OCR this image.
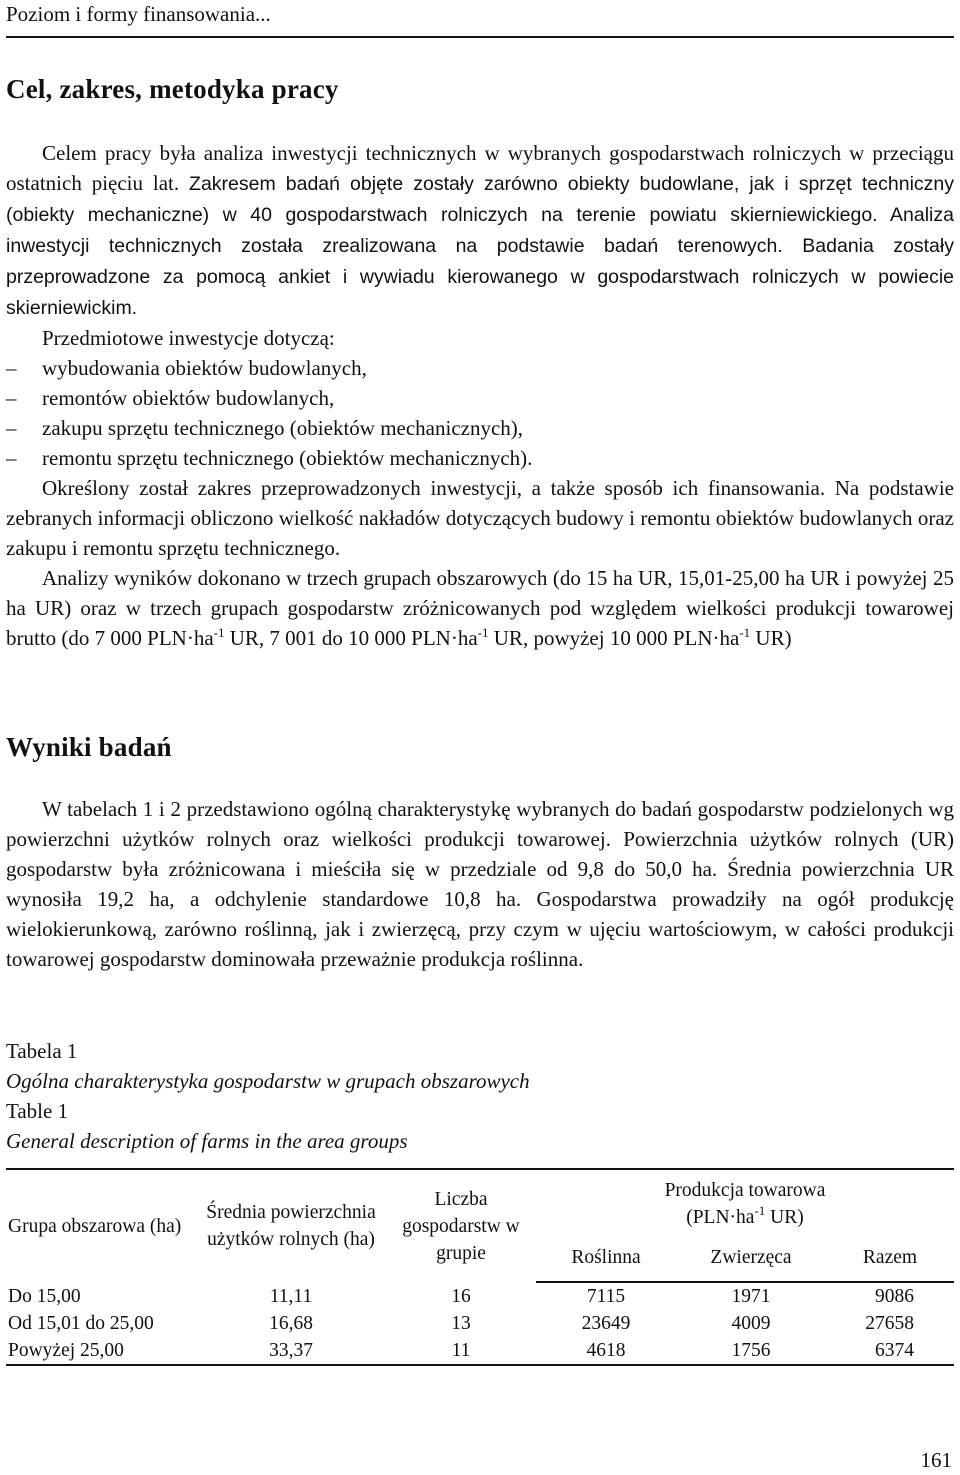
Poziom i formy finansowania...
Cel, zakres, metodyka pracy

Celem pracy była analiza inwestycji technicznych w wybranych gospodarstwach rolniczych w przeciągu ostatnich pięciu lat. Zakresem badań objęte zostały zarówno obiekty budowlane, jak i sprzęt techniczny (obiekty mechaniczne) w 40 gospodarstwach rolniczych na terenie powiatu skierniewickiego. Analiza inwestycji technicznych została zrealizowana na podstawie badań terenowych. Badania zostały przeprowadzone za pomocą ankiet i wywiadu kierowanego w gospodarstwach rolniczych w powiecie skierniewickim.

Przedmiotowe inwestycje dotyczą:

–	wybudowania obiektów budowlanych,
–	remontów obiektów budowlanych,
–	zakupu sprzętu technicznego (obiektów mechanicznych),
–	remontu sprzętu technicznego (obiektów mechanicznych).

Określony został zakres przeprowadzonych inwestycji, a także sposób ich finansowania. Na podstawie zebranych informacji obliczono wielkość nakładów dotyczących budowy i remontu obiektów budowlanych oraz zakupu i remontu sprzętu technicznego.

Analizy wyników dokonano w trzech grupach obszarowych (do 15 ha UR, 15,01-25,00 ha UR i powyżej 25 ha UR) oraz w trzech grupach gospodarstw zróżnicowanych pod względem wielkości produkcji towarowej brutto (do 7 000 $PLN\cdot ha^{-1}$ UR, 7 001 do 10 000 $PLN\cdot ha^{-1}$ UR, powyżej 10 000 $PLN\cdot ha^{-1}$ UR)

Wyniki badań

W tabelach 1 i 2 przedstawiono ogólną charakterystykę wybranych do badań gospodarstw podzielonych wg powierzchni użytków rolnych oraz wielkości produkcji towarowej. Powierzchnia użytków rolnych (UR) gospodarstw była zróżnicowana i mieściła się w przedziale od 9,8 do 50,0 ha. Średnia powierzchnia UR wynosiła 19,2 ha, a odchylenie standardowe 10,8 ha. Gospodarstwa prowadziły na ogół produkcję wielokierunkową, zarówno roślinną, jak i zwierzęcą, przy czym w ujęciu wartościowym, w całości produkcji towarowej gospodarstw dominowała przeważnie produkcja roślinna.

Tabela 1

Ogólna charakterystyka gospodarstw w grupach obszarowych

Table 1

General description of farms in the area groups

Grupa obszarowa (ha)	Średnia powierzchnia użytków rolnych (ha)	Liczba gospodarstw w grupie	Produkcja towarowa
($PLN\cdot ha^{-1}$ UR)		

			Roślinna	Zwierzęca	Razem
Do 15,00	11,11	16	7115	1971	9086
Od 15,01 do 25,00	16,68	13	23649	4009	27658
Powyżej 25,00	33,37	11	4618	1756	6374
161
